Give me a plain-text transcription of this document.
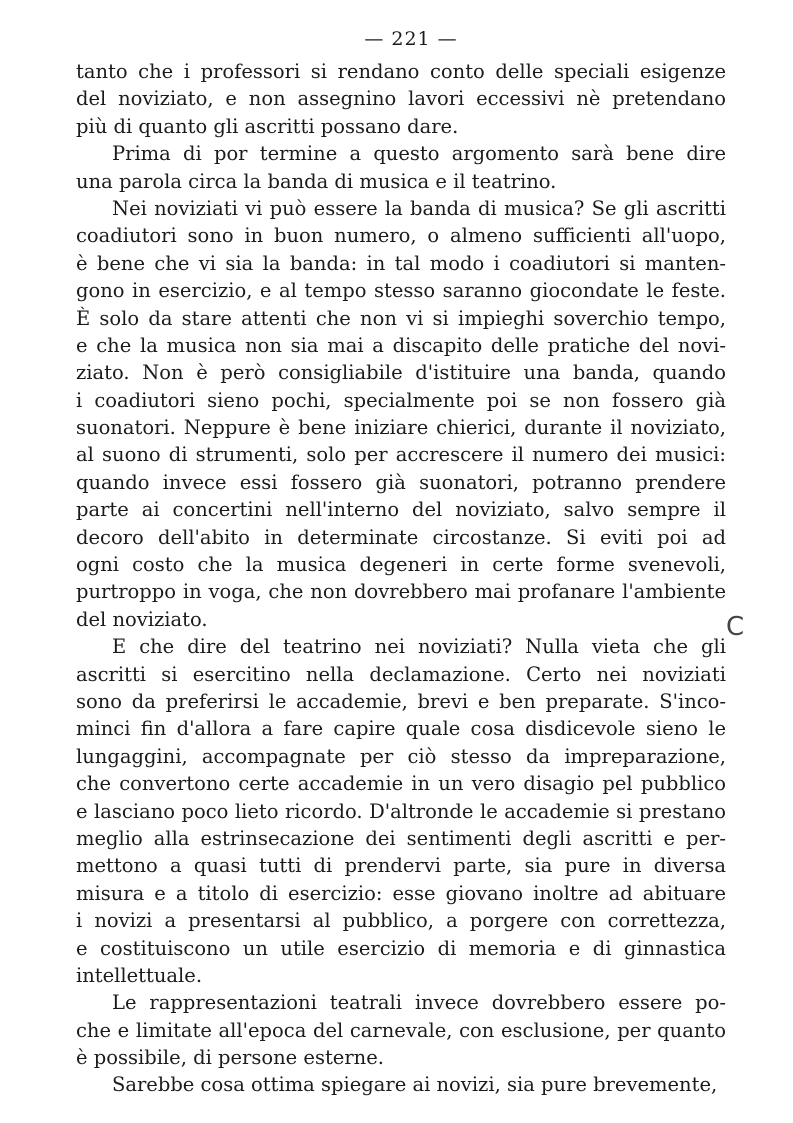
— 221 —
tanto che i professori si rendano conto delle speciali esigenze
del noviziato, e non assegnino lavori eccessivi nè pretendano
più di quanto gli ascritti possano dare.
Prima di por termine a questo argomento sarà bene dire
una parola circa la banda di musica e il teatrino.
Nei noviziati vi può essere la banda di musica? Se gli ascritti
coadiutori sono in buon numero, o almeno sufficienti all'uopo,
è bene che vi sia la banda: in tal modo i coadiutori si manten-
gono in esercizio, e al tempo stesso saranno giocondate le feste.
È solo da stare attenti che non vi si impieghi soverchio tempo,
e che la musica non sia mai a discapito delle pratiche del novi-
ziato. Non è però consigliabile d'istituire una banda, quando
i coadiutori sieno pochi, specialmente poi se non fossero già
suonatori. Neppure è bene iniziare chierici, durante il noviziato,
al suono di strumenti, solo per accrescere il numero dei musici:
quando invece essi fossero già suonatori, potranno prendere
parte ai concertini nell'interno del noviziato, salvo sempre il
decoro dell'abito in determinate circostanze. Si eviti poi ad
ogni costo che la musica degeneri in certe forme svenevoli,
purtroppo in voga, che non dovrebbero mai profanare l'ambiente
del noviziato.
E che dire del teatrino nei noviziati? Nulla vieta che gli
ascritti si esercitino nella declamazione. Certo nei noviziati
sono da preferirsi le accademie, brevi e ben preparate. S'inco-
minci fin d'allora a fare capire quale cosa disdicevole sieno le
lungaggini, accompagnate per ciò stesso da impreparazione,
che convertono certe accademie in un vero disagio pel pubblico
e lasciano poco lieto ricordo. D'altronde le accademie si prestano
meglio alla estrinsecazione dei sentimenti degli ascritti e per-
mettono a quasi tutti di prendervi parte, sia pure in diversa
misura e a titolo di esercizio: esse giovano inoltre ad abituare
i novizi a presentarsi al pubblico, a porgere con correttezza,
e costituiscono un utile esercizio di memoria e di ginnastica
intellettuale.
Le rappresentazioni teatrali invece dovrebbero essere po-
che e limitate all'epoca del carnevale, con esclusione, per quanto
è possibile, di persone esterne.
Sarebbe cosa ottima spiegare ai novizi, sia pure brevemente,
C
